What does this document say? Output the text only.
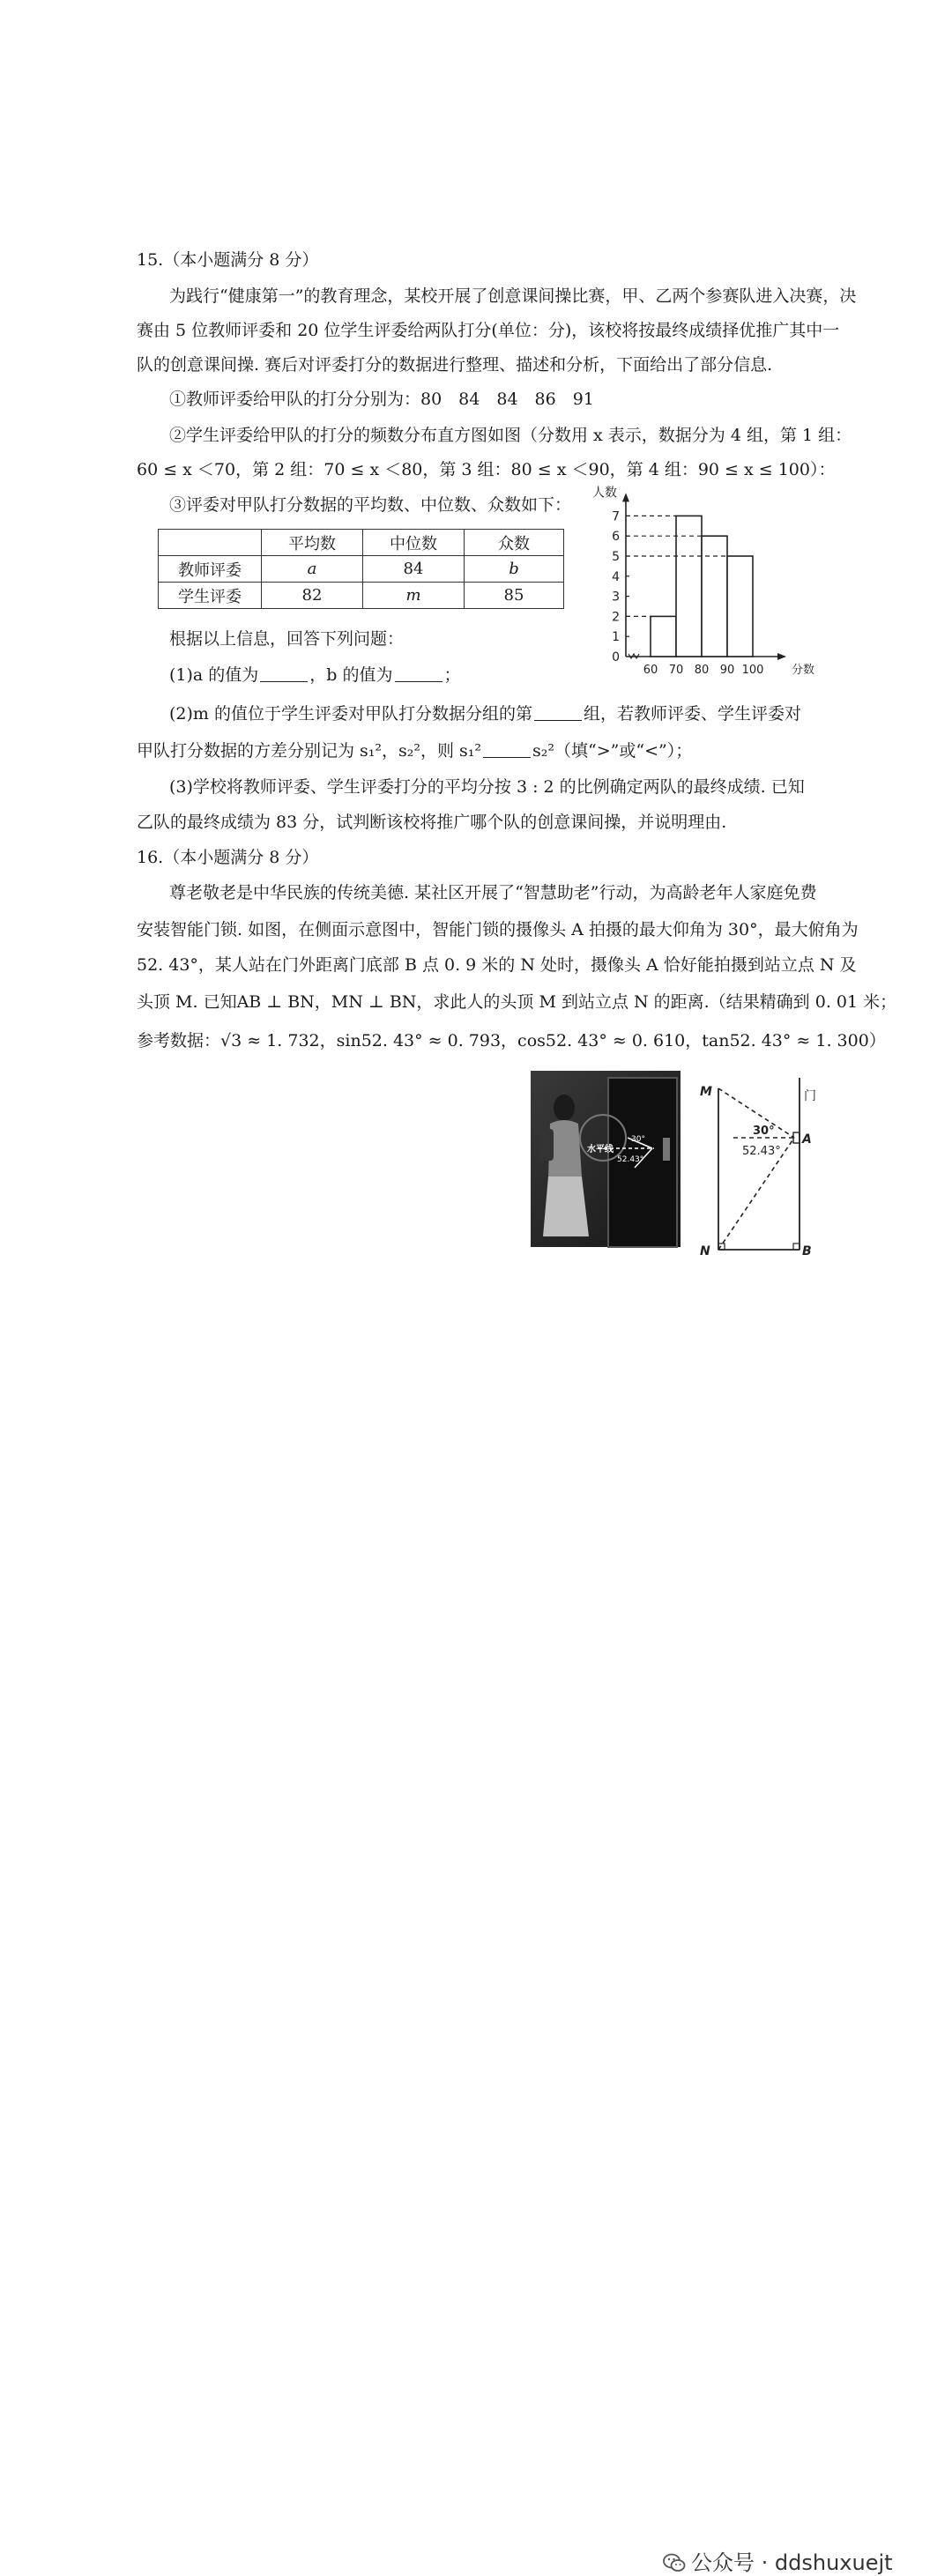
15.（本小题满分 8 分）
为践行“健康第一”的教育理念，某校开展了创意课间操比赛，甲、乙两个参赛队进入决赛，决
赛由 5 位教师评委和 20 位学生评委给两队打分(单位：分)，该校将按最终成绩择优推广其中一
队的创意课间操. 赛后对评委打分的数据进行整理、描述和分析，下面给出了部分信息.
①教师评委给甲队的打分分别为：80　84　84　86　91
②学生评委给甲队的打分的频数分布直方图如图（分数用 x 表示，数据分为 4 组，第 1 组：
60 ≤ x ＜70，第 2 组：70 ≤ x ＜80，第 3 组：80 ≤ x ＜90，第 4 组：90 ≤ x ≤ 100）：
③评委对甲队打分数据的平均数、中位数、众数如下：
	平均数	中位数	众数
教师评委	a	84	b
学生评委	82	m	85
0
1
2
3
4
5
6
7
60 70 80 90 100
人数
分数
根据以上信息，回答下列问题：
(1)a 的值为	，b 的值为	；
(2)m 的值位于学生评委对甲队打分数据分组的第	组，若教师评委、学生评委对
甲队打分数据的方差分别记为 s₁²，s₂²，则 s₁²	s₂²（填“>”或“<”）；
(3)学校将教师评委、学生评委打分的平均分按 3 : 2 的比例确定两队的最终成绩. 已知
乙队的最终成绩为 83 分，试判断该校将推广哪个队的创意课间操，并说明理由.
16.（本小题满分 8 分）
尊老敬老是中华民族的传统美德. 某社区开展了“智慧助老”行动，为高龄老年人家庭免费
安装智能门锁. 如图，在侧面示意图中，智能门锁的摄像头 A 拍摄的最大仰角为 30°，最大俯角为
52. 43°，某人站在门外距离门底部 B 点 0. 9 米的 N 处时，摄像头 A 恰好能拍摄到站立点 N 及
头顶 M. 已知AB ⊥ BN，MN ⊥ BN，求此人的头顶 M 到站立点 N 的距离.（结果精确到 0. 01 米；
参考数据：√3 ≈ 1. 732，sin52. 43° ≈ 0. 793，cos52. 43° ≈ 0. 610，tan52. 43° ≈ 1. 300）
水平线
30°
52.43°
M
N
A
B
门
30°
52.43°
公众号 · ddshuxuejt
